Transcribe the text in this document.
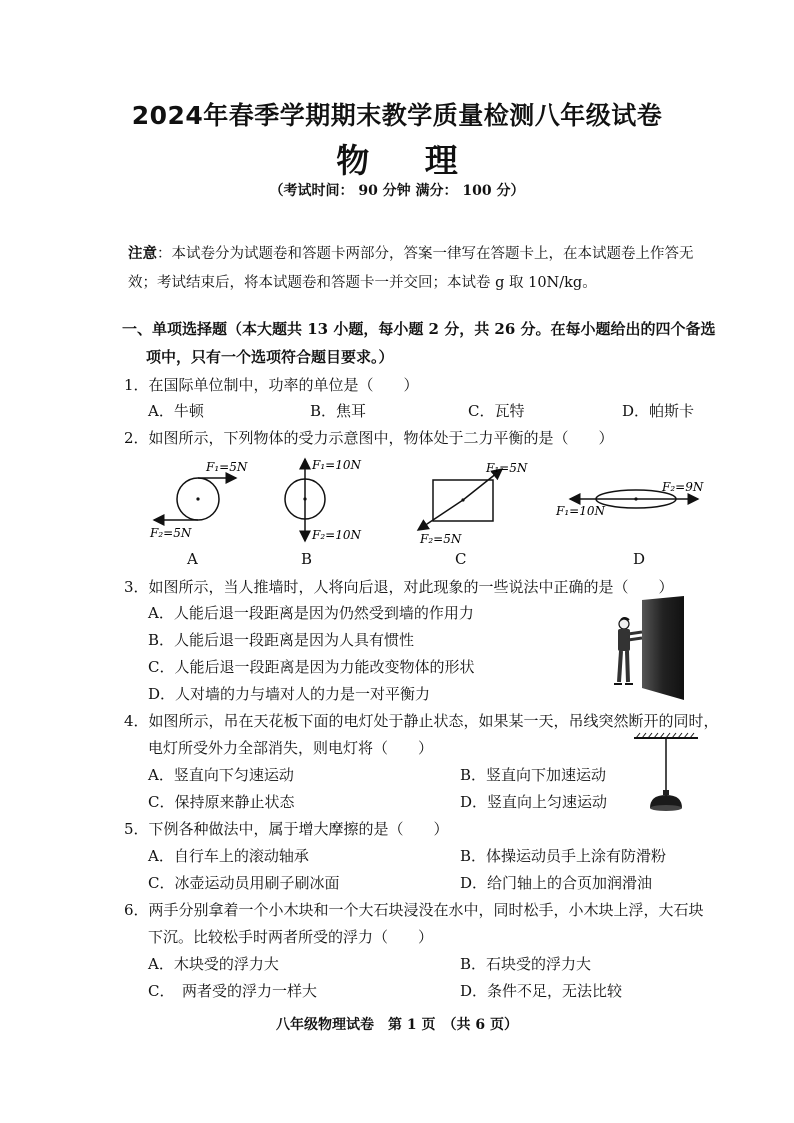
2024年春季学期期末教学质量检测八年级试卷
物 理
（考试时间： 90 分钟 满分： 100 分）
注意：本试卷分为试题卷和答题卡两部分，答案一律写在答题卡上，在本试题卷上作答无效；考试结束后，将本试题卷和答题卡一并交回；本试卷 g 取 10N/kg。
一、单项选择题（本大题共 13 小题，每小题 2 分，共 26 分。在每小题给出的四个备选
项中，只有一个选项符合题目要求。）
1．在国际单位制中，功率的单位是（　　）
A．牛顿	B．焦耳	C．瓦特	D．帕斯卡
2．如图所示，下列物体的受力示意图中，物体处于二力平衡的是（　　）
F₁=5N
F₂=5N
F₁=10N
F₂=10N
F₁=5N
F₂=5N
F₂=9N
F₁=10N
A	B	C	D
3．如图所示，当人推墙时，人将向后退，对此现象的一些说法中正确的是（　　）
A．人能后退一段距离是因为仍然受到墙的作用力
B．人能后退一段距离是因为人具有惯性
C．人能后退一段距离是因为力能改变物体的形状
D．人对墙的力与墙对人的力是一对平衡力
4．如图所示，吊在天花板下面的电灯处于静止状态，如果某一天，吊线突然断开的同时，
电灯所受外力全部消失，则电灯将（　　）
A．竖直向下匀速运动	B．竖直向下加速运动
C．保持原来静止状态	D．竖直向上匀速运动
5．下例各种做法中，属于增大摩擦的是（　　）
A．自行车上的滚动轴承	B．体操运动员手上涂有防滑粉
C．冰壶运动员用刷子刷冰面	D．给门轴上的合页加润滑油
6．两手分别拿着一个小木块和一个大石块浸没在水中，同时松手，小木块上浮，大石块
下沉。比较松手时两者所受的浮力（　　）
A．木块受的浮力大	B．石块受的浮力大
C．　两者受的浮力一样大	D．条件不足，无法比较
八年级物理试卷　第 1 页　（共 6 页）
